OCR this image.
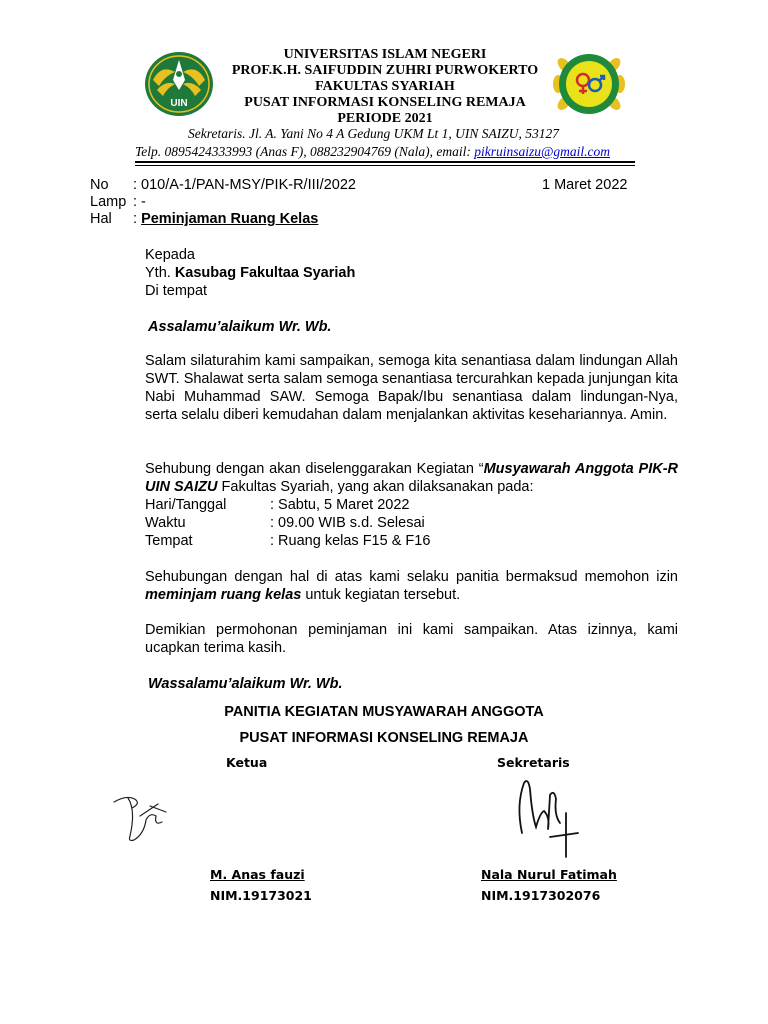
UIN
UNIVERSITAS ISLAM NEGERI
PROF.K.H. SAIFUDDIN ZUHRI PURWOKERTO
FAKULTAS SYARIAH
PUSAT INFORMASI KONSELING REMAJA
PERIODE 2021
Sekretaris. Jl. A. Yani No 4 A Gedung UKM Lt 1, UIN SAIZU, 53127
Telp. 0895424333993 (Anas F), 088232904769 (Nala), email: pikruinsaizu@gmail.com
No : 010/A-1/PAN-MSY/PIK-R/III/2022	1 Maret 2022
Lamp : -
Hal : Peminjaman Ruang Kelas
Kepada
Yth. Kasubag Fakultaa Syariah
Di tempat
Assalamu’alaikum Wr. Wb.
Salam silaturahim kami sampaikan, semoga kita senantiasa dalam lindungan Allah SWT. Shalawat serta salam semoga senantiasa tercurahkan kepada junjungan kita Nabi Muhammad SAW. Semoga Bapak/Ibu senantiasa dalam lindungan-Nya, serta selalu diberi kemudahan dalam menjalankan aktivitas kesehariannya. Amin.
Sehubung dengan akan diselenggarakan Kegiatan “Musyawarah Anggota PIK-R UIN SAIZU Fakultas Syariah, yang akan dilaksanakan pada:
Hari/Tanggal	: Sabtu, 5 Maret 2022
Waktu	: 09.00 WIB s.d. Selesai
Tempat	: Ruang kelas F15 & F16
Sehubungan dengan hal di atas kami selaku panitia bermaksud memohon izin meminjam ruang kelas untuk kegiatan tersebut.
Demikian permohonan peminjaman ini kami sampaikan. Atas izinnya, kami ucapkan terima kasih.
Wassalamu’alaikum Wr. Wb.
PANITIA KEGIATAN MUSYAWARAH ANGGOTA
PUSAT INFORMASI KONSELING REMAJA
Ketua	Sekretaris
M. Anas fauzi
NIM.19173021
Nala Nurul Fatimah
NIM.1917302076
